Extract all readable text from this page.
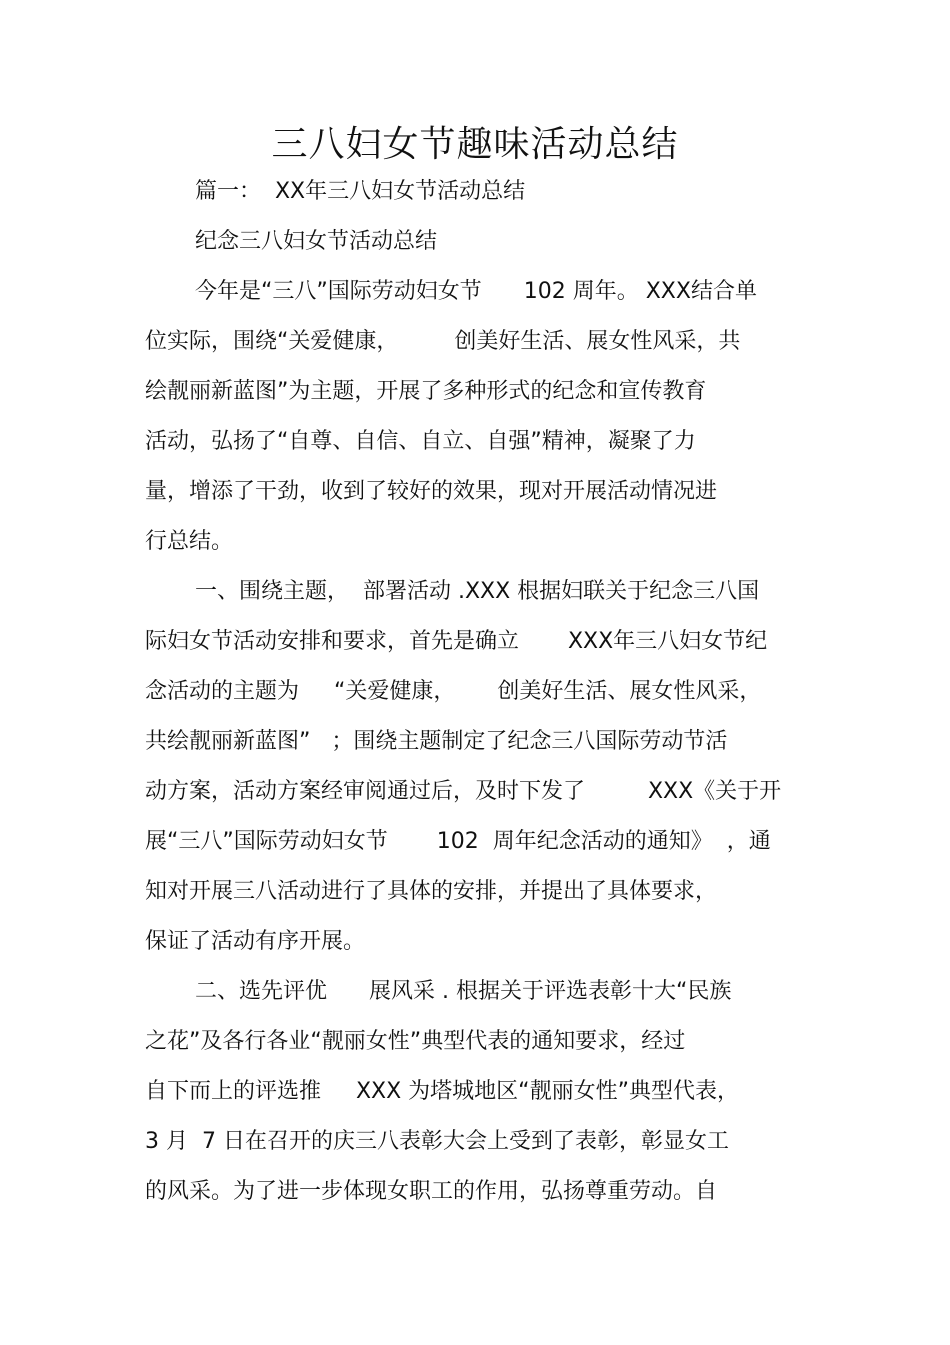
三八妇女节趣味活动总结

篇一：  XX年三八妇女节活动总结

纪念三八妇女节活动总结

今年是“三八”国际劳动妇女节      102 周年。 XXX结合单

位实际，围绕“关爱健康，        创美好生活、展女性风采，共

绘靓丽新蓝图”为主题，开展了多种形式的纪念和宣传教育

活动，弘扬了“自尊、自信、自立、自强”精神，凝聚了力

量，增添了干劲，收到了较好的效果，现对开展活动情况进

行总结。

一、围绕主题，  部署活动 .XXX 根据妇联关于纪念三八国

际妇女节活动安排和要求，首先是确立       XXX年三八妇女节纪

念活动的主题为     “关爱健康，      创美好生活、展女性风采，

共绘靓丽新蓝图”   ；围绕主题制定了纪念三八国际劳动节活

动方案，活动方案经审阅通过后，及时下发了         XXX《关于开

展“三八”国际劳动妇女节       102  周年纪念活动的通知》  ，通

知对开展三八活动进行了具体的安排，并提出了具体要求，

保证了活动有序开展。

二、选先评优      展风采 . 根据关于评选表彰十大“民族

之花”及各行各业“靓丽女性”典型代表的通知要求，经过

自下而上的评选推     XXX 为塔城地区“靓丽女性”典型代表，

3 月  7 日在召开的庆三八表彰大会上受到了表彰，彰显女工

的风采。为了进一步体现女职工的作用，弘扬尊重劳动。自
